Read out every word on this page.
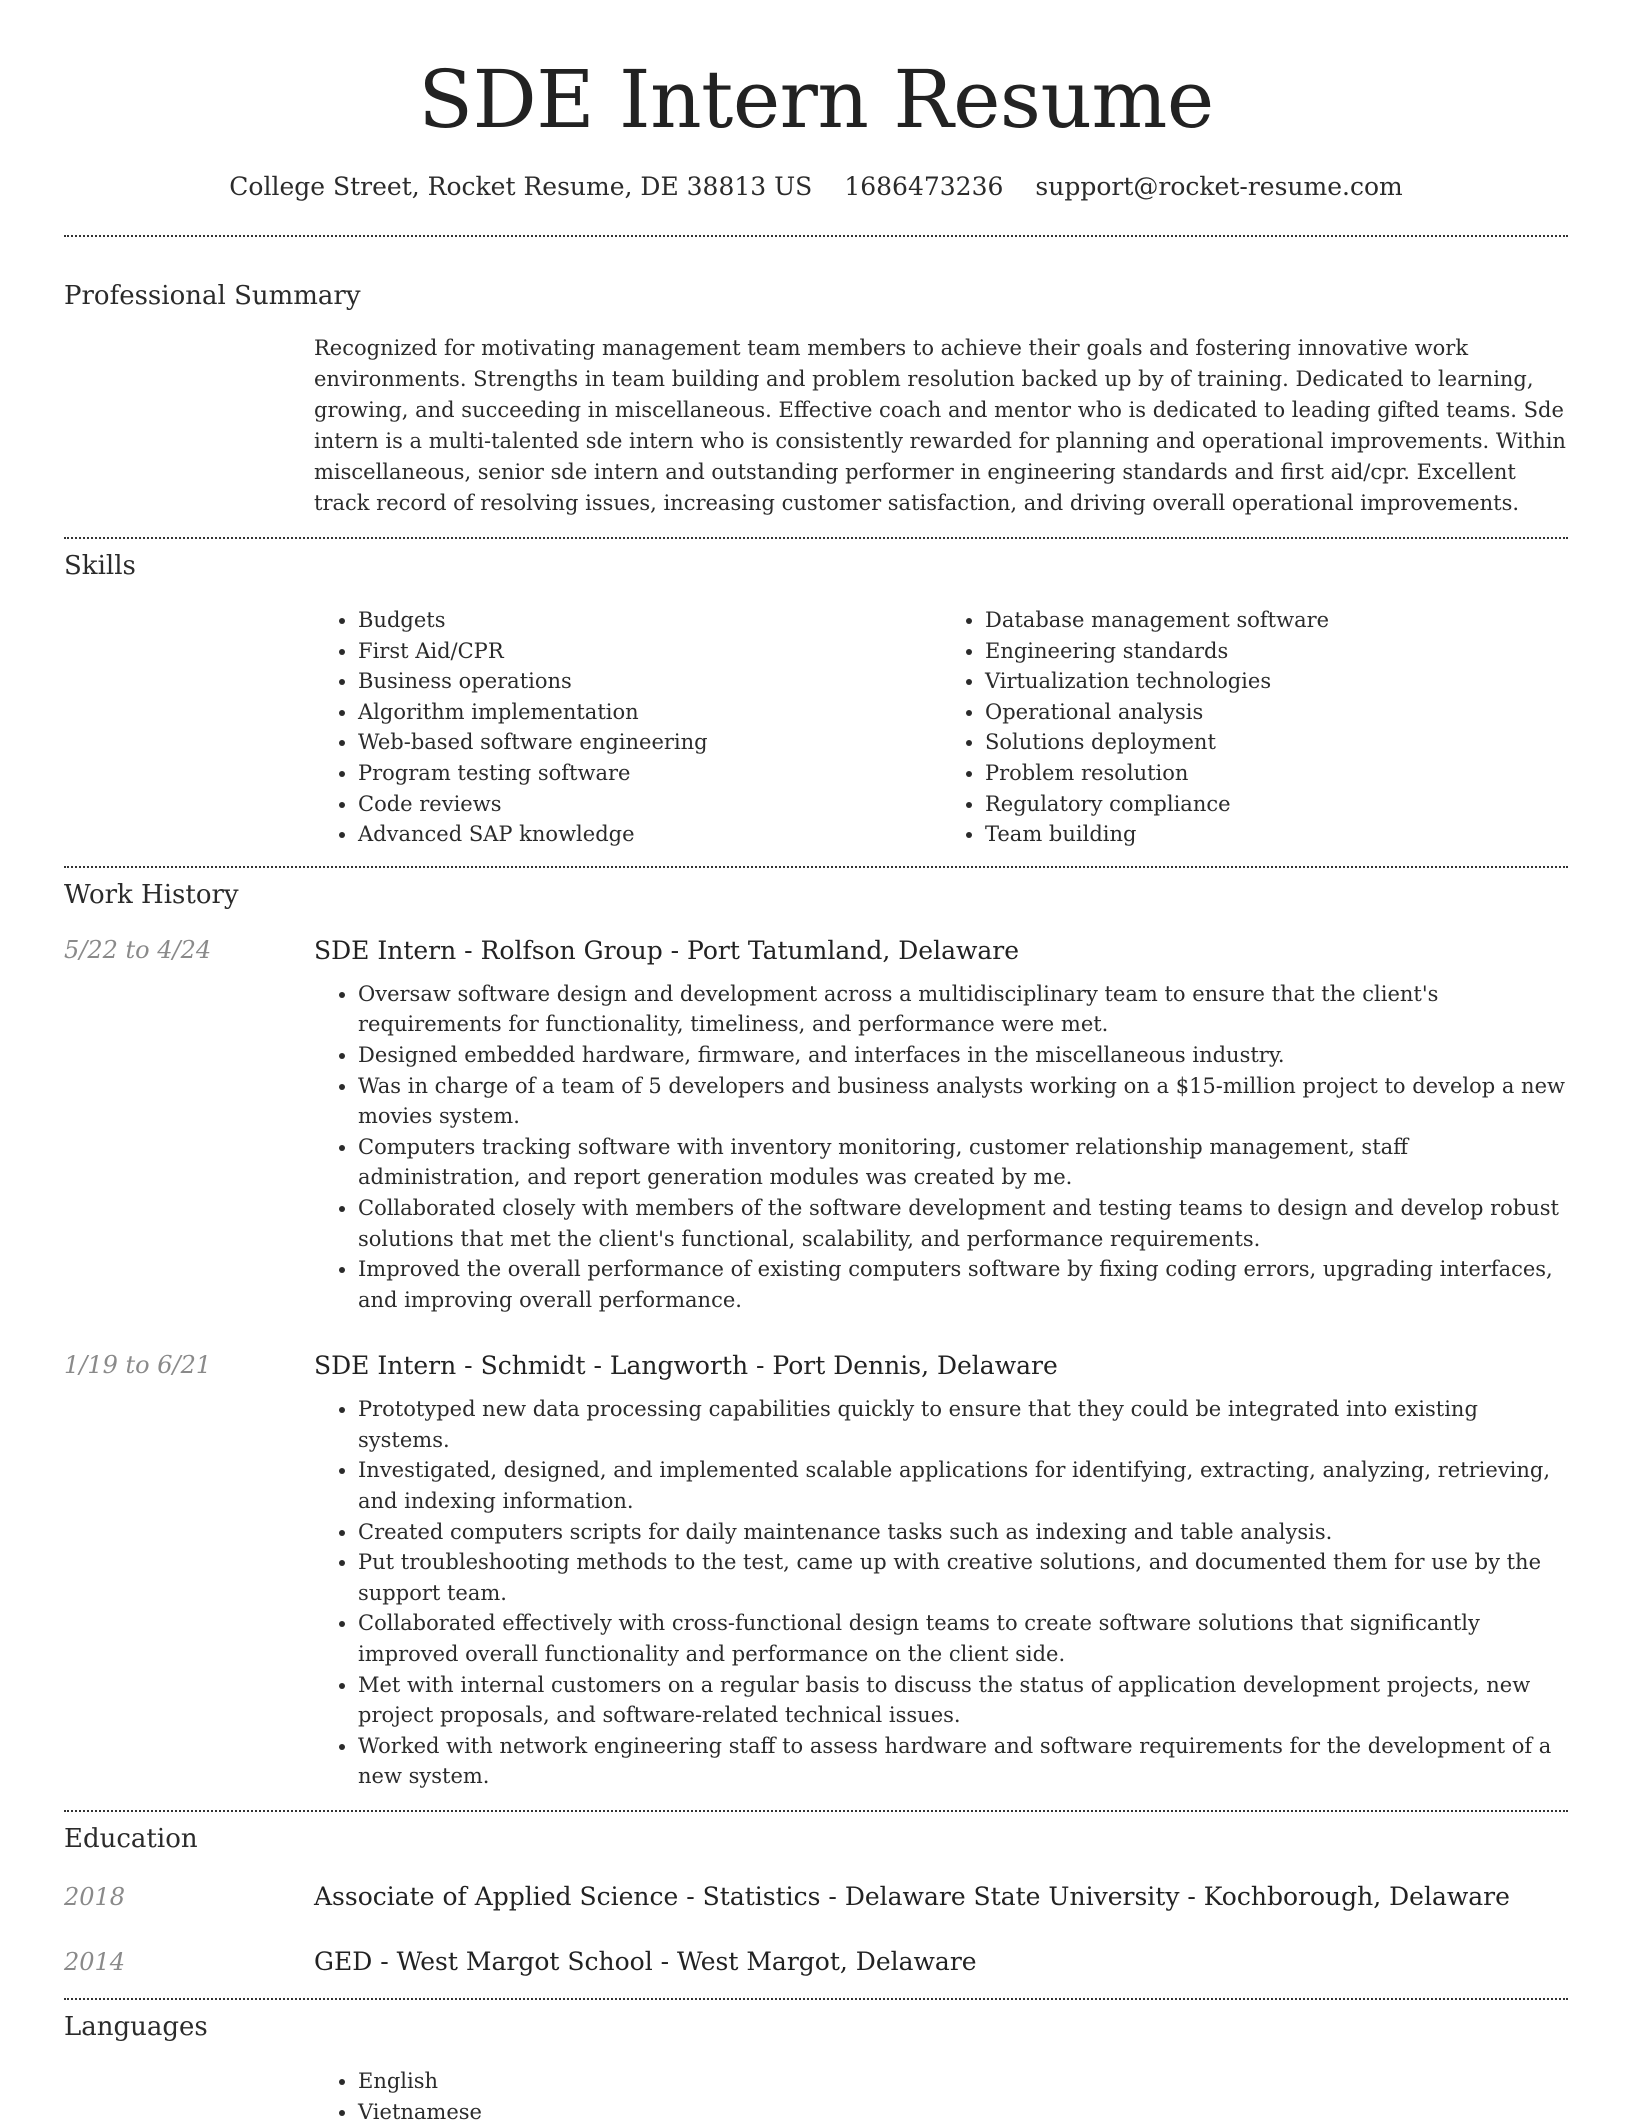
SDE Intern Resume
College Street, Rocket Resume, DE 38813 US 1686473236 support@rocket-resume.com
Professional Summary

Recognized for motivating management team members to achieve their goals and fostering innovative work environments. Strengths in team building and problem resolution backed up by of training. Dedicated to learning, growing, and succeeding in miscellaneous. Effective coach and mentor who is dedicated to leading gifted teams. Sde intern is a multi-talented sde intern who is consistently rewarded for planning and operational improvements. Within miscellaneous, senior sde intern and outstanding performer in engineering standards and first aid/cpr. Excellent track record of resolving issues, increasing customer satisfaction, and driving overall operational improvements.

Skills
• Budgets
• First Aid/CPR
• Business operations
• Algorithm implementation
• Web-based software engineering
• Program testing software
• Code reviews
• Advanced SAP knowledge
• Database management software
• Engineering standards
• Virtualization technologies
• Operational analysis
• Solutions deployment
• Problem resolution
• Regulatory compliance
• Team building
Work History
5/22 to 4/24	SDE Intern - Rolfson Group - Port Tatumland, Delaware
• Oversaw software design and development across a multidisciplinary team to ensure that the client's requirements for functionality, timeliness, and performance were met.
• Designed embedded hardware, firmware, and interfaces in the miscellaneous industry.
• Was in charge of a team of 5 developers and business analysts working on a $15-million project to develop a new movies system.
• Computers tracking software with inventory monitoring, customer relationship management, staff administration, and report generation modules was created by me.
• Collaborated closely with members of the software development and testing teams to design and develop robust solutions that met the client's functional, scalability, and performance requirements.
• Improved the overall performance of existing computers software by fixing coding errors, upgrading interfaces, and improving overall performance.
1/19 to 6/21	SDE Intern - Schmidt - Langworth - Port Dennis, Delaware
• Prototyped new data processing capabilities quickly to ensure that they could be integrated into existing systems.
• Investigated, designed, and implemented scalable applications for identifying, extracting, analyzing, retrieving, and indexing information.
• Created computers scripts for daily maintenance tasks such as indexing and table analysis.
• Put troubleshooting methods to the test, came up with creative solutions, and documented them for use by the support team.
• Collaborated effectively with cross-functional design teams to create software solutions that significantly improved overall functionality and performance on the client side.
• Met with internal customers on a regular basis to discuss the status of application development projects, new project proposals, and software-related technical issues.
• Worked with network engineering staff to assess hardware and software requirements for the development of a new system.
Education
2018	Associate of Applied Science - Statistics - Delaware State University - Kochborough, Delaware
2014	GED - West Margot School - West Margot, Delaware
Languages
• English
• Vietnamese
